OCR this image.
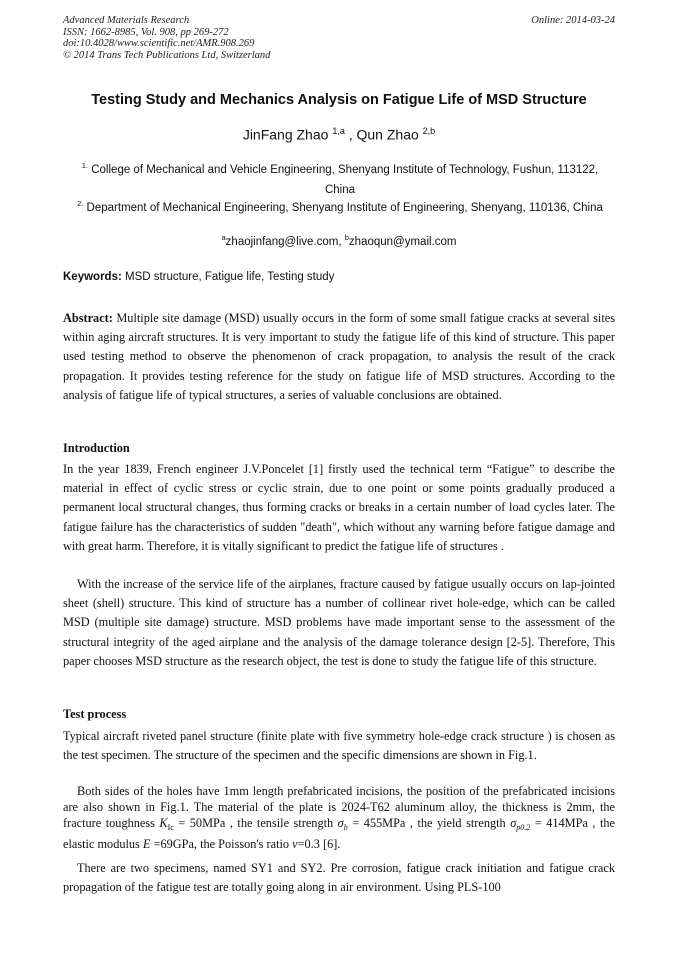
Advanced Materials Research
ISSN: 1662-8985, Vol. 908, pp 269-272
doi:10.4028/www.scientific.net/AMR.908.269
© 2014 Trans Tech Publications Ltd, Switzerland
Online: 2014-03-24
Testing Study and Mechanics Analysis on Fatigue Life of MSD Structure
JinFang Zhao $^{1,a}$ , Qun Zhao $^{2,b}$
$^{1.}$ College of Mechanical and Vehicle Engineering, Shenyang Institute of Technology, Fushun, 113122, China
$^{2.}$ Department of Mechanical Engineering, Shenyang Institute of Engineering, Shenyang, 110136, China
$^a$zhaojinfang@live.com, $^b$zhaoqun@ymail.com
Keywords: MSD structure, Fatigue life, Testing study

Abstract: Multiple site damage (MSD) usually occurs in the form of some small fatigue cracks at several sites within aging aircraft structures. It is very important to study the fatigue life of this kind of structure. This paper used testing method to observe the phenomenon of crack propagation, to analysis the result of the crack propagation. It provides testing reference for the study on fatigue life of MSD structures. According to the analysis of fatigue life of typical structures, a series of valuable conclusions are obtained.

Introduction
In the year 1839, French engineer J.V.Poncelet [1] firstly used the technical term “Fatigue” to describe the material in effect of cyclic stress or cyclic strain, due to one point or some points gradually produced a permanent local structural changes, thus forming cracks or breaks in a certain number of load cycles later. The fatigue failure has the characteristics of sudden "death", which without any warning before fatigue damage and with great harm. Therefore, it is vitally significant to predict the fatigue life of structures .
With the increase of the service life of the airplanes, fracture caused by fatigue usually occurs on lap-jointed sheet (shell) structure. This kind of structure has a number of collinear rivet hole-edge, which can be called MSD (multiple site damage) structure. MSD problems have made important sense to the assessment of the structural integrity of the aged airplane and the analysis of the damage tolerance design [2-5]. Therefore, This paper chooses MSD structure as the research object, the test is done to study the fatigue life of this structure.
Test process
Typical aircraft riveted panel structure (finite plate with five symmetry hole-edge crack structure ) is chosen as the test specimen. The structure of the specimen and the specific dimensions are shown in Fig.1.
Both sides of the holes have 1mm length prefabricated incisions, the position of the prefabricated incisions are also shown in Fig.1. The material of the plate is 2024-T62 aluminum alloy, the thickness is 2mm, the fracture toughness $K_{Ic} = 50MPa$ , the tensile strength $\sigma_b = 455MPa$ , the yield strength $\sigma_{p0.2} = 414MPa$ , the elastic modulus E =69GPa, the Poisson's ratio v=0.3 [6].
There are two specimens, named SY1 and SY2. Pre corrosion, fatigue crack initiation and fatigue crack propagation of the fatigue test are totally going along in air environment. Using PLS-100
